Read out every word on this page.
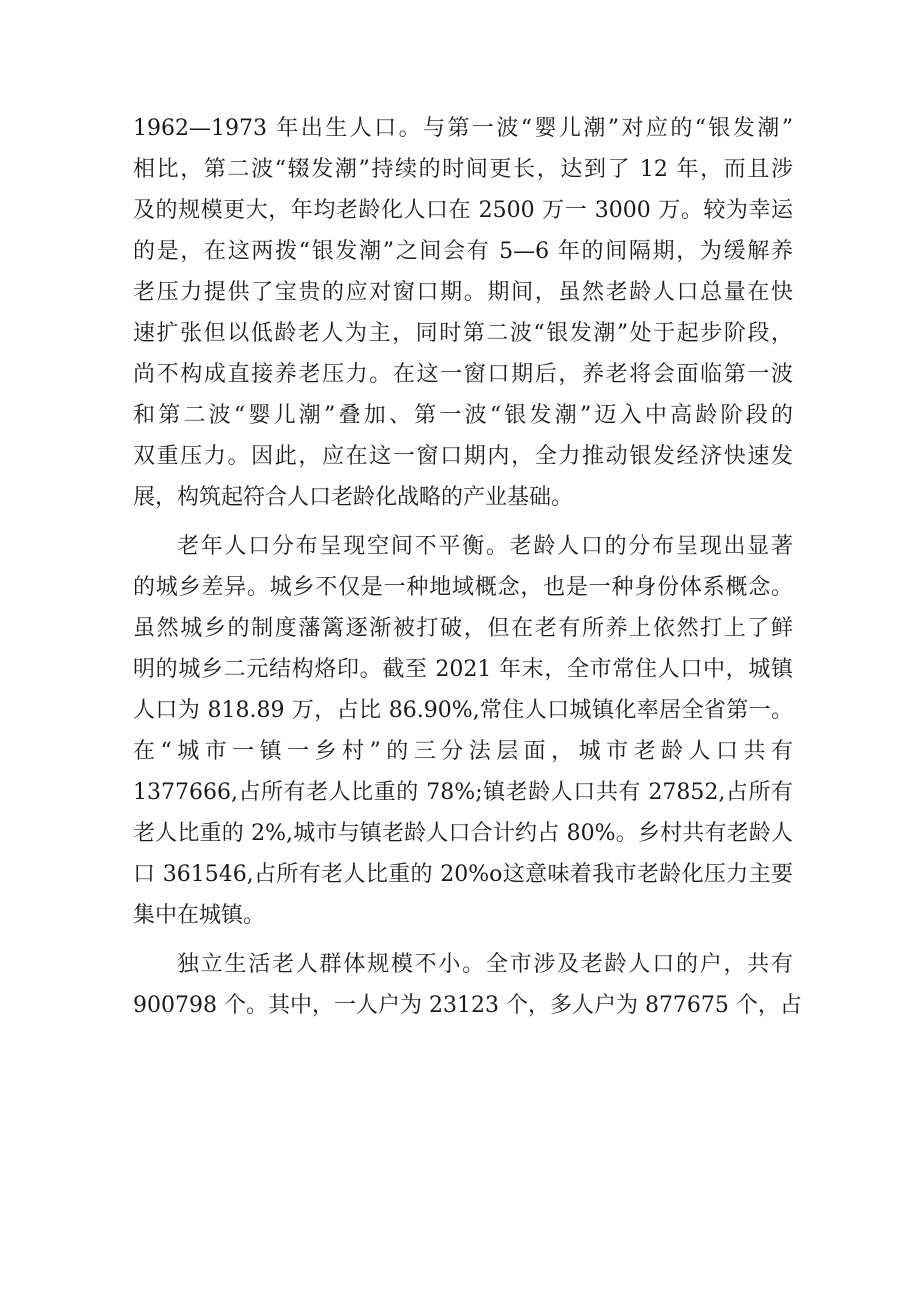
1962—1973 年出生人口。与第一波“婴儿潮”对应的“银发潮”
相比，第二波“辍发潮”持续的时间更长，达到了 12 年，而且涉
及的规模更大，年均老龄化人口在 2500 万一 3000 万。较为幸运
的是，在这两拨“银发潮”之间会有 5—6 年的间隔期，为缓解养
老压力提供了宝贵的应对窗口期。期间，虽然老龄人口总量在快
速扩张但以低龄老人为主，同时第二波“银发潮”处于起步阶段，
尚不构成直接养老压力。在这一窗口期后，养老将会面临第一波
和第二波“婴儿潮”叠加、第一波“银发潮”迈入中高龄阶段的
双重压力。因此，应在这一窗口期内，全力推动银发经济快速发
展，构筑起符合人口老龄化战略的产业基础。
老年人口分布呈现空间不平衡。老龄人口的分布呈现出显著
的城乡差异。城乡不仅是一种地域概念，也是一种身份体系概念。
虽然城乡的制度藩篱逐渐被打破，但在老有所养上依然打上了鲜
明的城乡二元结构烙印。截至 2021 年末，全市常住人口中，城镇
人口为 818.89 万，占比 86.90%,常住人口城镇化率居全省第一。
在“城市一镇一乡村”的三分法层面，城市老龄人口共有
1377666,占所有老人比重的 78%;镇老龄人口共有 27852,占所有
老人比重的 2%,城市与镇老龄人口合计约占 80%。乡村共有老龄人
口 361546,占所有老人比重的 20%o这意味着我市老龄化压力主要
集中在城镇。
独立生活老人群体规模不小。全市涉及老龄人口的户，共有
900798 个。其中，一人户为 23123 个，多人户为 877675 个，占
